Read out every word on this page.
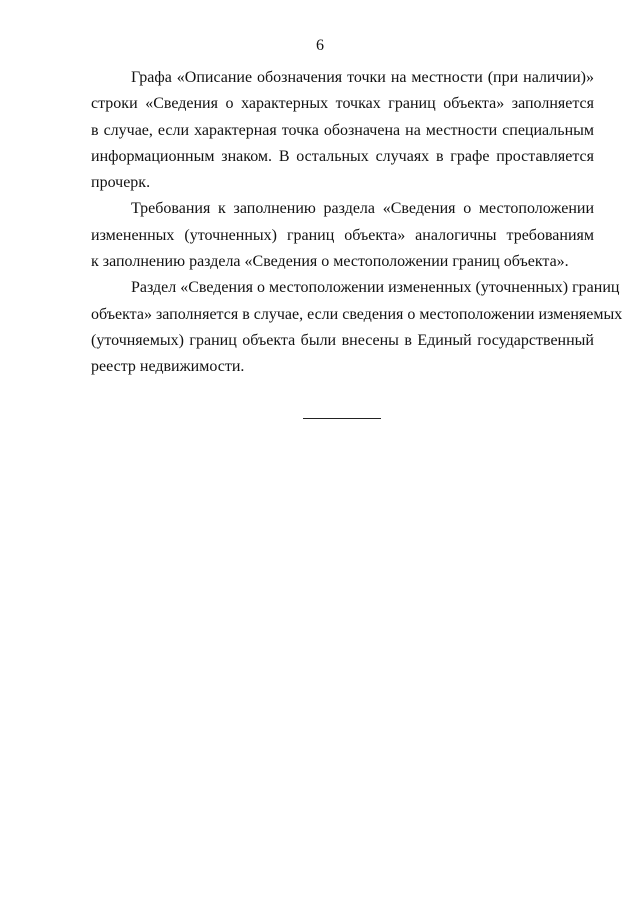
6
Графа «Описание обозначения точки на местности (при наличии)»
строки «Сведения о характерных точках границ объекта» заполняется
в случае, если характерная точка обозначена на местности специальным
информационным знаком. В остальных случаях в графе проставляется
прочерк.
Требования к заполнению раздела «Сведения о местоположении
измененных (уточненных) границ объекта» аналогичны требованиям
к заполнению раздела «Сведения о местоположении границ объекта».
Раздел «Сведения о местоположении измененных (уточненных) границ
объекта» заполняется в случае, если сведения о местоположении изменяемых
(уточняемых) границ объекта были внесены в Единый государственный
реестр недвижимости.
